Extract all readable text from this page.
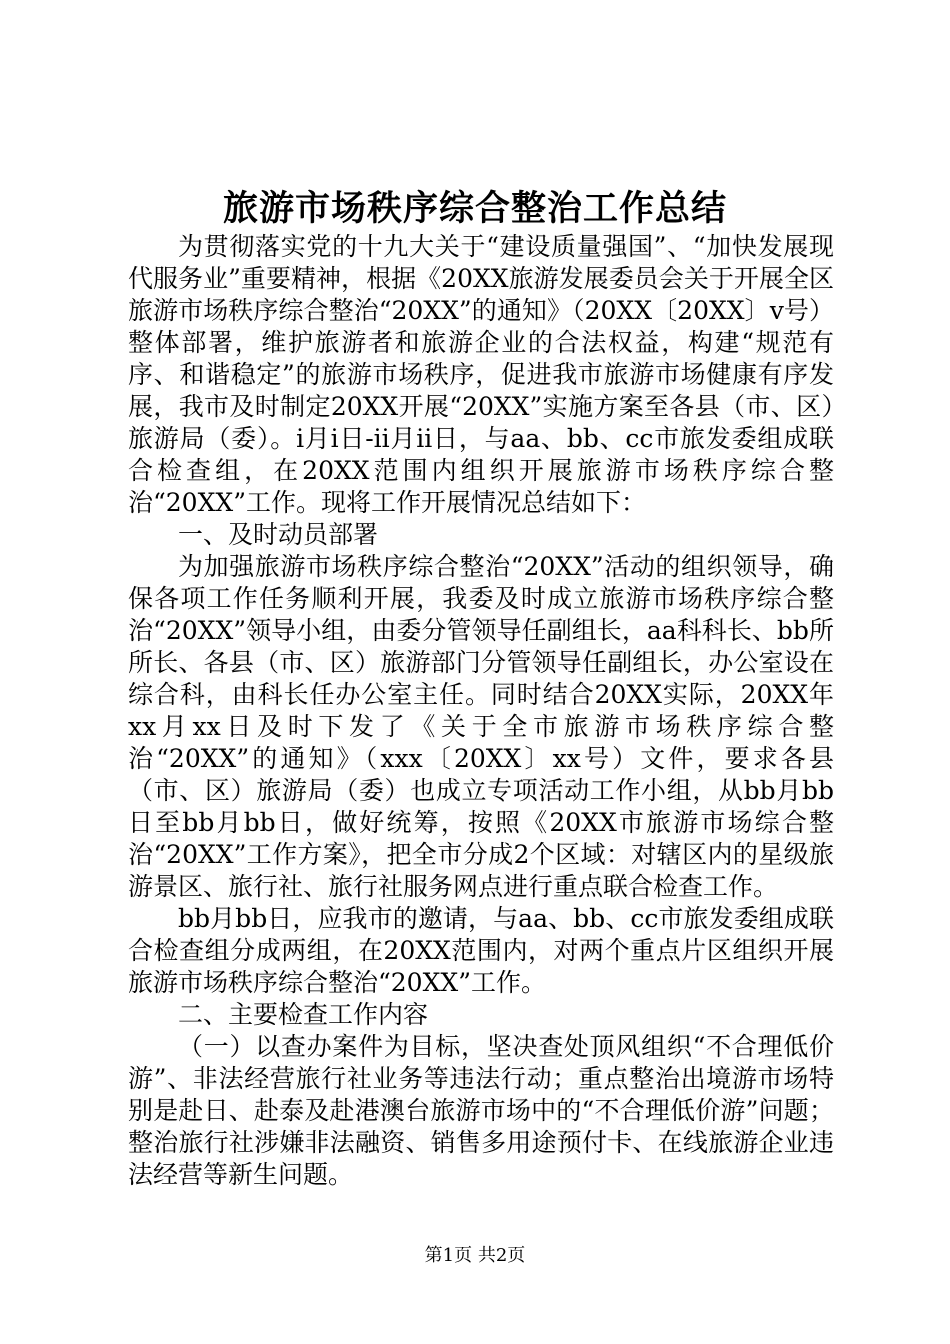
旅游市场秩序综合整治工作总结

为贯彻落实党的十九大关于“建设质量强国”、“加快发展现代服务业”重要精神，根据《20XX旅游发展委员会关于开展全区旅游市场秩序综合整治“20XX”的通知》（20XX〔20XX〕v号）整体部署，维护旅游者和旅游企业的合法权益，构建“规范有序、和谐稳定”的旅游市场秩序，促进我市旅游市场健康有序发展，我市及时制定20XX开展“20XX”实施方案至各县（市、区）旅游局（委）。i月i日-ii月ii日，与aa、bb、cc市旅发委组成联合检查组，在20XX范围内组织开展旅游市场秩序综合整治“20XX”工作。现将工作开展情况总结如下：

一、及时动员部署

为加强旅游市场秩序综合整治“20XX”活动的组织领导，确保各项工作任务顺利开展，我委及时成立旅游市场秩序综合整治“20XX”领导小组，由委分管领导任副组长，aa科科长、bb所所长、各县（市、区）旅游部门分管领导任副组长，办公室设在综合科，由科长任办公室主任。同时结合20XX实际，20XX年xx月xx日及时下发了《关于全市旅游市场秩序综合整治“20XX”的通知》（xxx〔20XX〕xx号）文件，要求各县（市、区）旅游局（委）也成立专项活动工作小组，从bb月bb日至bb月bb日，做好统筹，按照《20XX市旅游市场综合整治“20XX”工作方案》，把全市分成2个区域：对辖区内的星级旅游景区、旅行社、旅行社服务网点进行重点联合检查工作。

bb月bb日，应我市的邀请，与aa、bb、cc市旅发委组成联合检查组分成两组，在20XX范围内，对两个重点片区组织开展旅游市场秩序综合整治“20XX”工作。

二、主要检查工作内容

（一）以查办案件为目标，坚决查处顶风组织“不合理低价游”、非法经营旅行社业务等违法行动；重点整治出境游市场特别是赴日、赴泰及赴港澳台旅游市场中的“不合理低价游”问题；整治旅行社涉嫌非法融资、销售多用途预付卡、在线旅游企业违法经营等新生问题。

第1页 共2页
